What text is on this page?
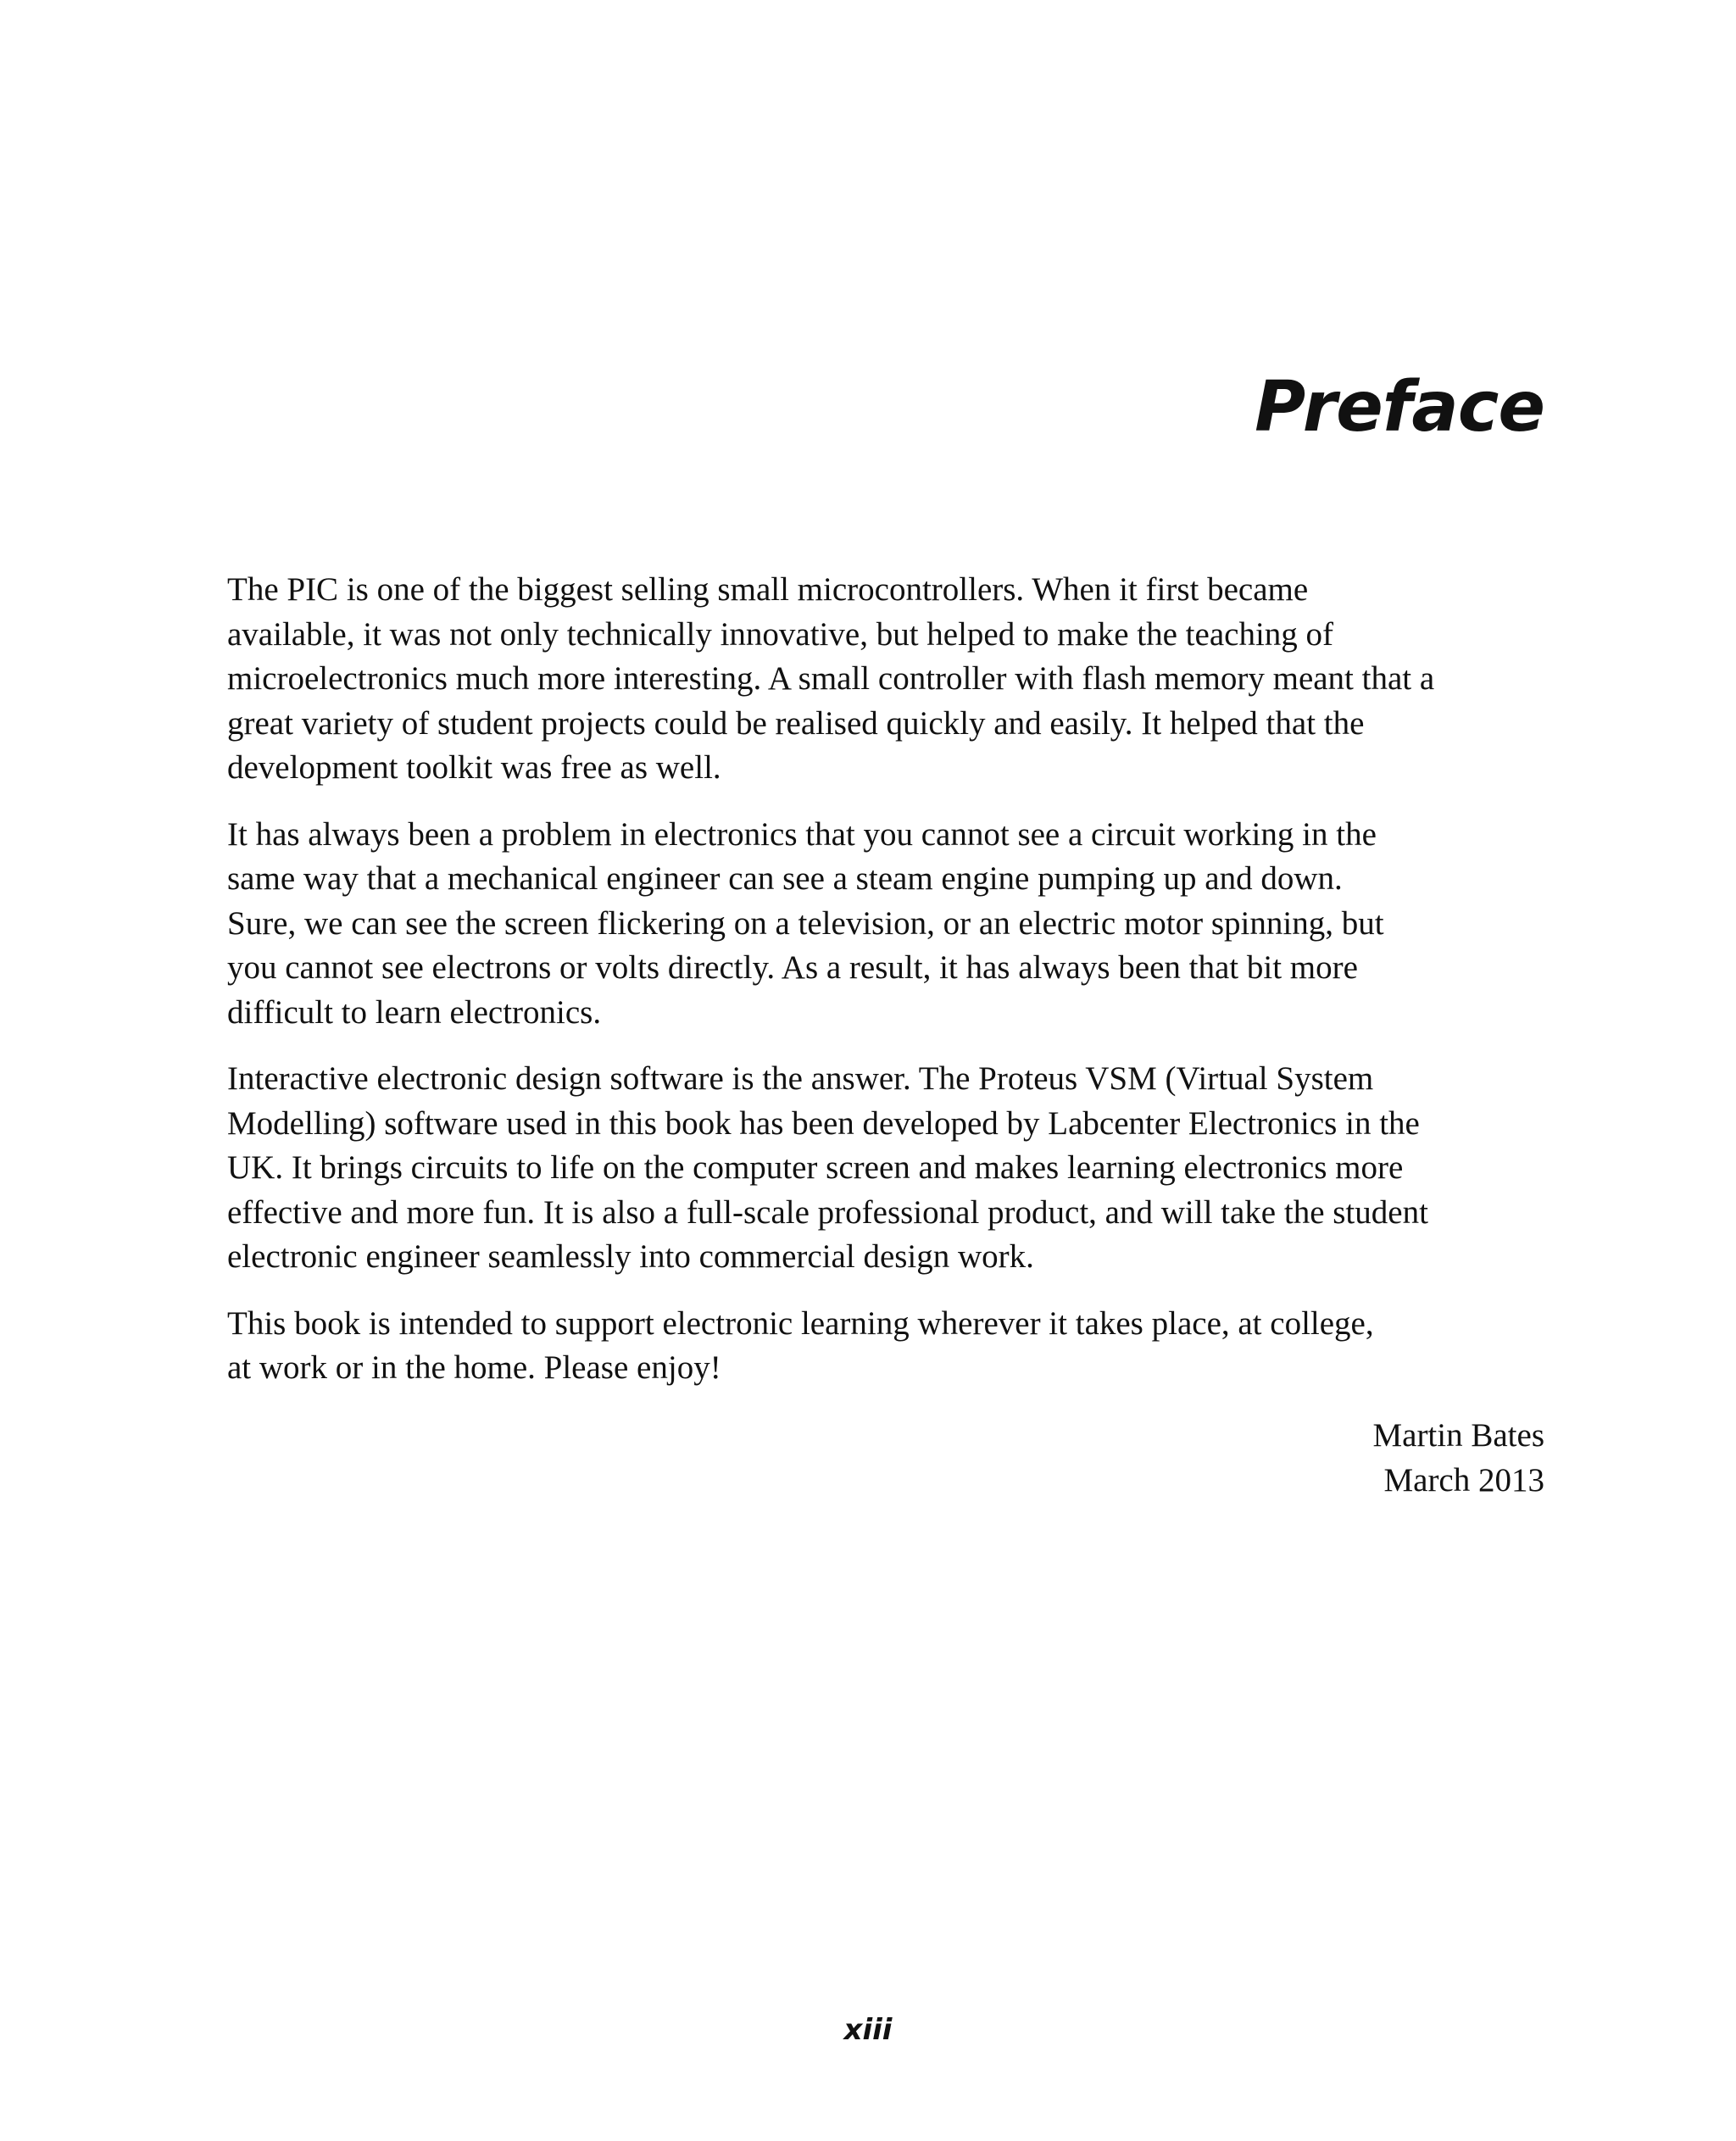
Preface

The PIC is one of the biggest selling small microcontrollers. When it first became
available, it was not only technically innovative, but helped to make the teaching of
microelectronics much more interesting. A small controller with flash memory meant that a
great variety of student projects could be realised quickly and easily. It helped that the
development toolkit was free as well.

It has always been a problem in electronics that you cannot see a circuit working in the
same way that a mechanical engineer can see a steam engine pumping up and down.
Sure, we can see the screen flickering on a television, or an electric motor spinning, but
you cannot see electrons or volts directly. As a result, it has always been that bit more
difficult to learn electronics.

Interactive electronic design software is the answer. The Proteus VSM (Virtual System
Modelling) software used in this book has been developed by Labcenter Electronics in the
UK. It brings circuits to life on the computer screen and makes learning electronics more
effective and more fun. It is also a full-scale professional product, and will take the student
electronic engineer seamlessly into commercial design work.

This book is intended to support electronic learning wherever it takes place, at college,
at work or in the home. Please enjoy!

Martin Bates
March 2013
xiii
